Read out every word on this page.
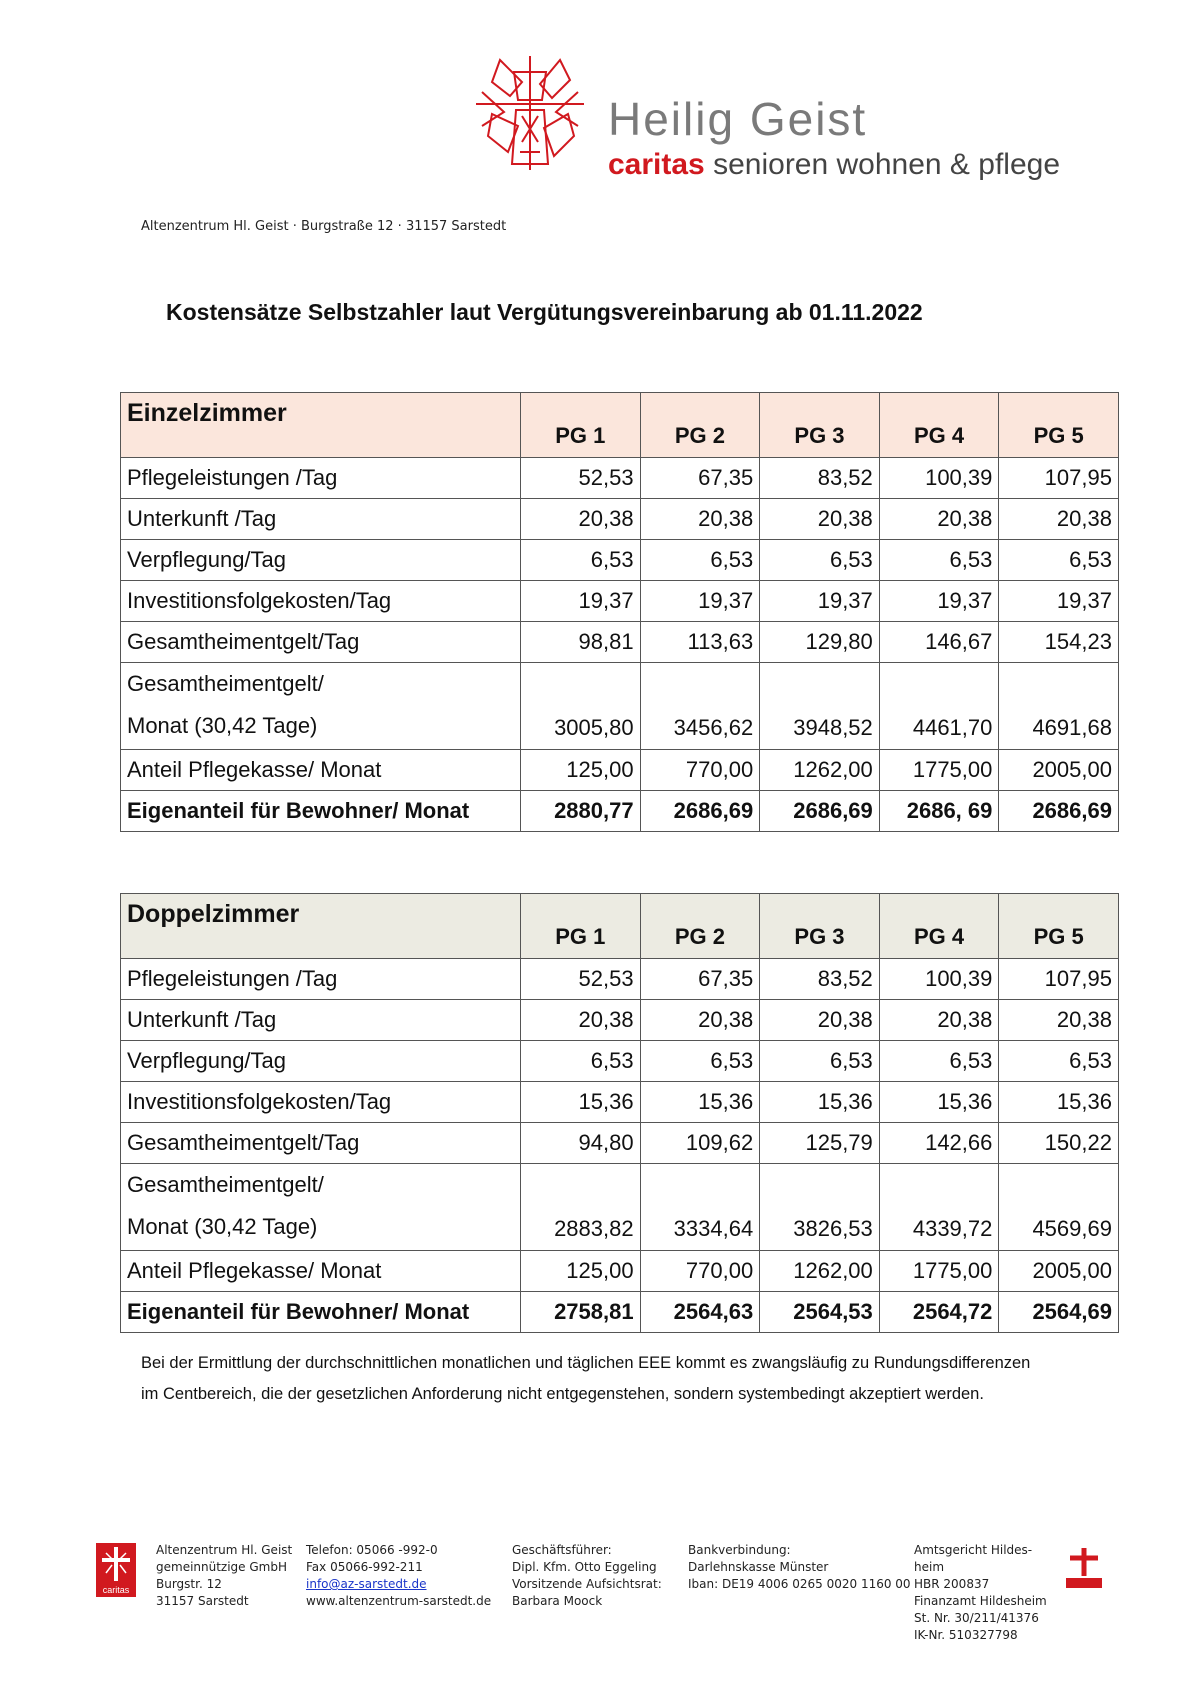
Heilig Geist
caritas senioren wohnen & pflege
Altenzentrum Hl. Geist · Burgstraße 12 · 31157 Sarstedt
Kostensätze Selbstzahler laut Vergütungsvereinbarung ab 01.11.2022
Einzelzimmer	PG 1	PG 2	PG 3	PG 4	PG 5
Pflegeleistungen /Tag	52,53	67,35	83,52	100,39	107,95
Unterkunft /Tag	20,38	20,38	20,38	20,38	20,38
Verpflegung/Tag	6,53	6,53	6,53	6,53	6,53
Investitionsfolgekosten/Tag	19,37	19,37	19,37	19,37	19,37
Gesamtheimentgelt/Tag	98,81	113,63	129,80	146,67	154,23

Gesamtheimentgelt/
Monat (30,42 Tage)	3005,80	3456,62	3948,52	4461,70	4691,68
Anteil Pflegekasse/ Monat	125,00	770,00	1262,00	1775,00	2005,00
Eigenanteil für Bewohner/ Monat	2880,77	2686,69	2686,69	2686, 69	2686,69
Doppelzimmer	PG 1	PG 2	PG 3	PG 4	PG 5
Pflegeleistungen /Tag	52,53	67,35	83,52	100,39	107,95
Unterkunft /Tag	20,38	20,38	20,38	20,38	20,38
Verpflegung/Tag	6,53	6,53	6,53	6,53	6,53
Investitionsfolgekosten/Tag	15,36	15,36	15,36	15,36	15,36
Gesamtheimentgelt/Tag	94,80	109,62	125,79	142,66	150,22

Gesamtheimentgelt/
Monat (30,42 Tage)	2883,82	3334,64	3826,53	4339,72	4569,69
Anteil Pflegekasse/ Monat	125,00	770,00	1262,00	1775,00	2005,00
Eigenanteil für Bewohner/ Monat	2758,81	2564,63	2564,53	2564,72	2564,69
Bei der Ermittlung der durchschnittlichen monatlichen und täglichen EEE kommt es zwangsläufig zu Rundungsdifferenzen im Centbereich, die der gesetzlichen Anforderung nicht entgegenstehen, sondern systembedingt akzeptiert werden.
caritas
Altenzentrum Hl. Geist
gemeinnützige GmbH
Burgstr. 12
31157 Sarstedt
Telefon: 05066 -992-0
Fax 05066-992-211
info@az-sarstedt.de
www.altenzentrum-sarstedt.de
Geschäftsführer:
Dipl. Kfm. Otto Eggeling
Vorsitzende Aufsichtsrat:
Barbara Moock
Bankverbindung:
Darlehnskasse Münster
Iban: DE19 4006 0265 0020 1160 00
Amtsgericht Hildes-
heim
HBR 200837
Finanzamt Hildesheim
St. Nr. 30/211/41376
IK-Nr. 510327798
